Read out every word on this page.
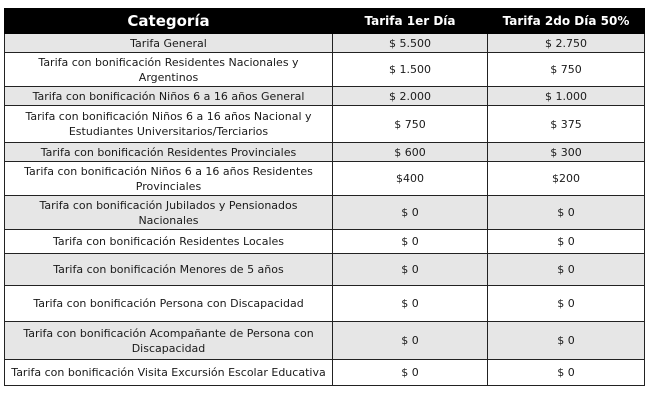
Categoría	Tarifa 1er Día	Tarifa 2do Día 50%
Tarifa General	$ 5.500	$ 2.750
Tarifa con bonificación Residentes Nacionales y Argentinos	$ 1.500	$ 750
Tarifa con bonificación Niños 6 a 16 años General	$ 2.000	$ 1.000
Tarifa con bonificación Niños 6 a 16 años Nacional y Estudiantes Universitarios/Terciarios	$ 750	$ 375
Tarifa con bonificación Residentes Provinciales	$ 600	$ 300
Tarifa con bonificación Niños 6 a 16 años Residentes Provinciales	$400	$200
Tarifa con bonificación Jubilados y Pensionados Nacionales	$ 0	$ 0
Tarifa con bonificación Residentes Locales	$ 0	$ 0
Tarifa con bonificación Menores de 5 años	$ 0	$ 0
Tarifa con bonificación Persona con Discapacidad	$ 0	$ 0
Tarifa con bonificación Acompañante de Persona con Discapacidad	$ 0	$ 0
Tarifa con bonificación Visita Excursión Escolar Educativa	$ 0	$ 0
